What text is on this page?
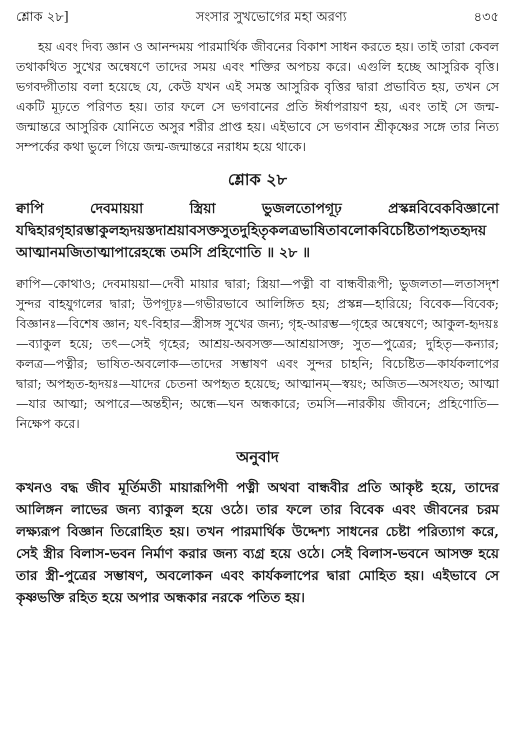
শ্লোক ২৮]	সংসার সুখভোগের মহা অরণ্য	৪৩৫

হয় এবং দিব্য জ্ঞান ও আনন্দময় পারমার্থিক জীবনের বিকাশ সাধন করতে হয়। তাই তারা কেবল তথাকথিত সুখের অন্বেষণে তাদের সময় এবং শক্তির অপচয় করে। এগুলি হচ্ছে আসুরিক বৃত্তি। ভগবদ্গীতায় বলা হয়েছে যে, কেউ যখন এই সমস্ত আসুরিক বৃত্তির দ্বারা প্রভাবিত হয়, তখন সে একটি মূঢ়তে পরিণত হয়। তার ফলে সে ভগবানের প্রতি ঈর্ষাপরায়ণ হয়, এবং তাই সে জন্ম-জন্মান্তরে আসুরিক যোনিতে অসুর শরীর প্রাপ্ত হয়। এইভাবে সে ভগবান শ্রীকৃষ্ণের সঙ্গে তার নিত্য সম্পর্কের কথা ভুলে গিয়ে জন্ম-জন্মান্তরে নরাধম হয়ে থাকে।

শ্লোক ২৮

ক্বাপি দেবমায়য়া স্ত্রিয়া ভুজলতোপগূঢ় প্রস্কন্নবিবেকবিজ্ঞানো যদ্বিহারগৃহারম্ভাকুলহৃদয়স্তদাশ্রয়াবসক্তসুতদুহিতৃকলত্রভাষিতাবলোকবিচেষ্টিতাপহৃতহৃদয় আত্মানমজিতাত্মাপারেহন্ধে তমসি প্রহিণোতি ॥ ২৮ ॥

ক্বাপি—কোথাও; দেবমায়য়া—দেবী মায়ার দ্বারা; স্ত্রিয়া—পত্নী বা বান্ধবীরূপী; ভুজলতা—লতাসদৃশ সুন্দর বাহযুগলের দ্বারা; উপগূঢ়ঃ—গভীরভাবে আলিঙ্গিত হয়; প্রস্কন্ন—হারিয়ে; বিবেক—বিবেক; বিজ্ঞানঃ—বিশেষ জ্ঞান; যৎ-বিহার—স্ত্রীসঙ্গ সুখের জন্য; গৃহ-আরম্ভ—গৃহের অন্বেষণে; আকুল-হৃদয়ঃ—ব্যাকুল হয়ে; তৎ—সেই গৃহের; আশ্রয়-অবসক্ত—আশ্রয়াসক্ত; সুত—পুত্রের; দুহিতৃ—কন্যার; কলত্র—পত্নীর; ভাষিত-অবলোক—তাদের সম্ভাষণ এবং সুন্দর চাহনি; বিচেষ্টিত—কার্যকলাপের দ্বারা; অপহৃত-হৃদয়ঃ—যাদের চেতনা অপহৃত হয়েছে; আত্মানম্—স্বয়ং; অজিত—অসংযত; আত্মা—যার আত্মা; অপারে—অন্তহীন; অন্ধে—ঘন অন্ধকারে; তমসি—নারকীয় জীবনে; প্রহিণোতি—নিক্ষেপ করে।

অনুবাদ

কখনও বদ্ধ জীব মূর্তিমতী মায়ারূপিণী পত্নী অথবা বান্ধবীর প্রতি আকৃষ্ট হয়ে, তাদের আলিঙ্গন লাভের জন্য ব্যাকুল হয়ে ওঠে। তার ফলে তার বিবেক এবং জীবনের চরম লক্ষ্যরূপ বিজ্ঞান তিরোহিত হয়। তখন পারমার্থিক উদ্দেশ্য সাধনের চেষ্টা পরিত্যাগ করে, সেই স্ত্রীর বিলাস-ভবন নির্মাণ করার জন্য ব্যগ্র হয়ে ওঠে। সেই বিলাস-ভবনে আসক্ত হয়ে তার স্ত্রী-পুত্রের সম্ভাষণ, অবলোকন এবং কার্যকলাপের দ্বারা মোহিত হয়। এইভাবে সে কৃষ্ণভক্তি রহিত হয়ে অপার অন্ধকার নরকে পতিত হয়।
